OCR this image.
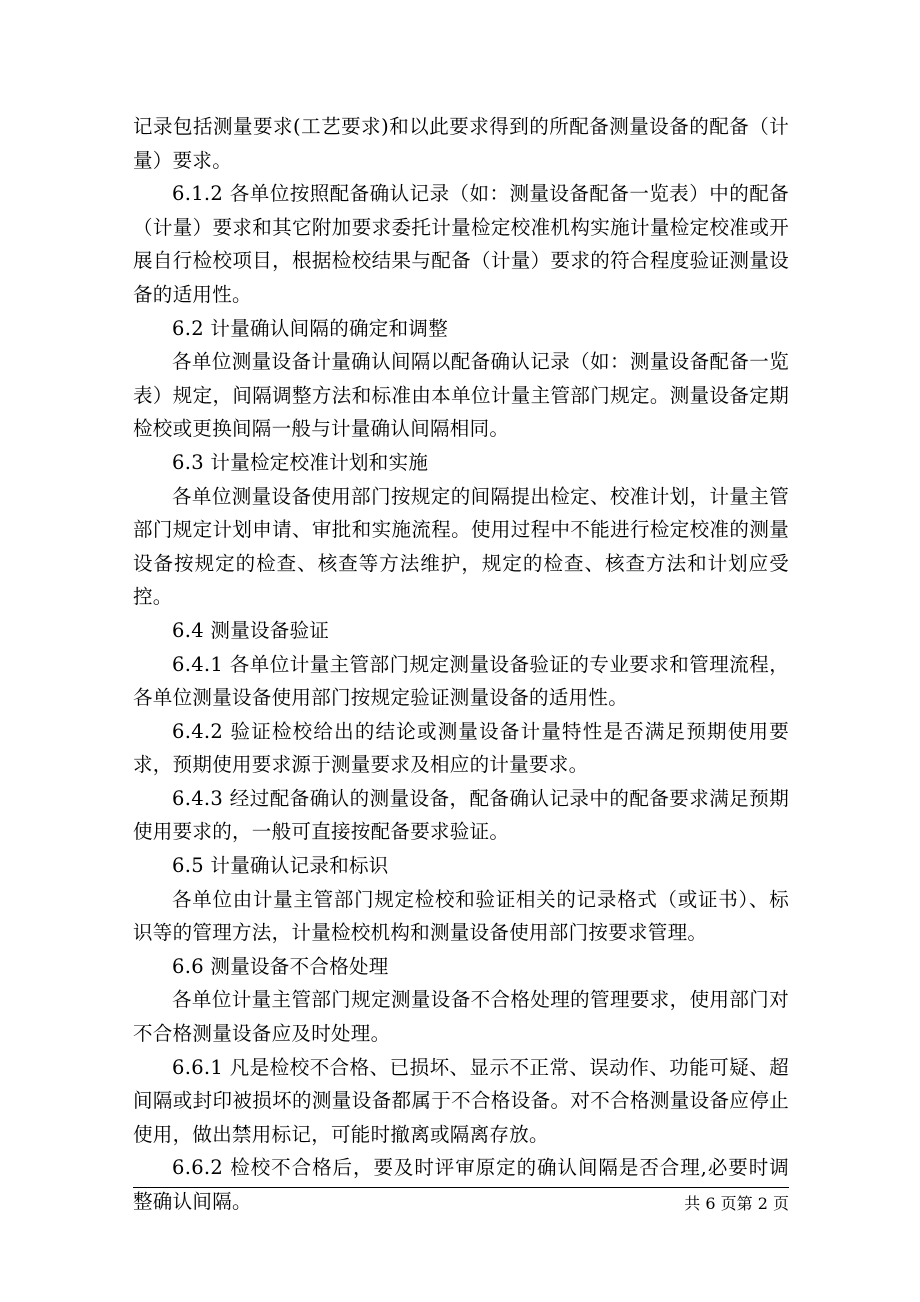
记录包括测量要求(工艺要求)和以此要求得到的所配备测量设备的配备（计量）要求。

6.1.2 各单位按照配备确认记录（如：测量设备配备一览表）中的配备（计量）要求和其它附加要求委托计量检定校准机构实施计量检定校准或开展自行检校项目，根据检校结果与配备（计量）要求的符合程度验证测量设备的适用性。

6.2 计量确认间隔的确定和调整

各单位测量设备计量确认间隔以配备确认记录（如：测量设备配备一览表）规定，间隔调整方法和标准由本单位计量主管部门规定。测量设备定期检校或更换间隔一般与计量确认间隔相同。

6.3 计量检定校准计划和实施

各单位测量设备使用部门按规定的间隔提出检定、校准计划，计量主管部门规定计划申请、审批和实施流程。使用过程中不能进行检定校准的测量设备按规定的检查、核查等方法维护，规定的检查、核查方法和计划应受控。

6.4 测量设备验证

6.4.1 各单位计量主管部门规定测量设备验证的专业要求和管理流程，各单位测量设备使用部门按规定验证测量设备的适用性。

6.4.2 验证检校给出的结论或测量设备计量特性是否满足预期使用要求，预期使用要求源于测量要求及相应的计量要求。

6.4.3 经过配备确认的测量设备，配备确认记录中的配备要求满足预期使用要求的，一般可直接按配备要求验证。

6.5 计量确认记录和标识

各单位由计量主管部门规定检校和验证相关的记录格式（或证书）、标识等的管理方法，计量检校机构和测量设备使用部门按要求管理。

6.6 测量设备不合格处理

各单位计量主管部门规定测量设备不合格处理的管理要求，使用部门对不合格测量设备应及时处理。

6.6.1 凡是检校不合格、已损坏、显示不正常、误动作、功能可疑、超间隔或封印被损坏的测量设备都属于不合格设备。对不合格测量设备应停止使用，做出禁用标记，可能时撤离或隔离存放。

6.6.2 检校不合格后，要及时评审原定的确认间隔是否合理,必要时调整确认间隔。	共 6 页第 2 页
